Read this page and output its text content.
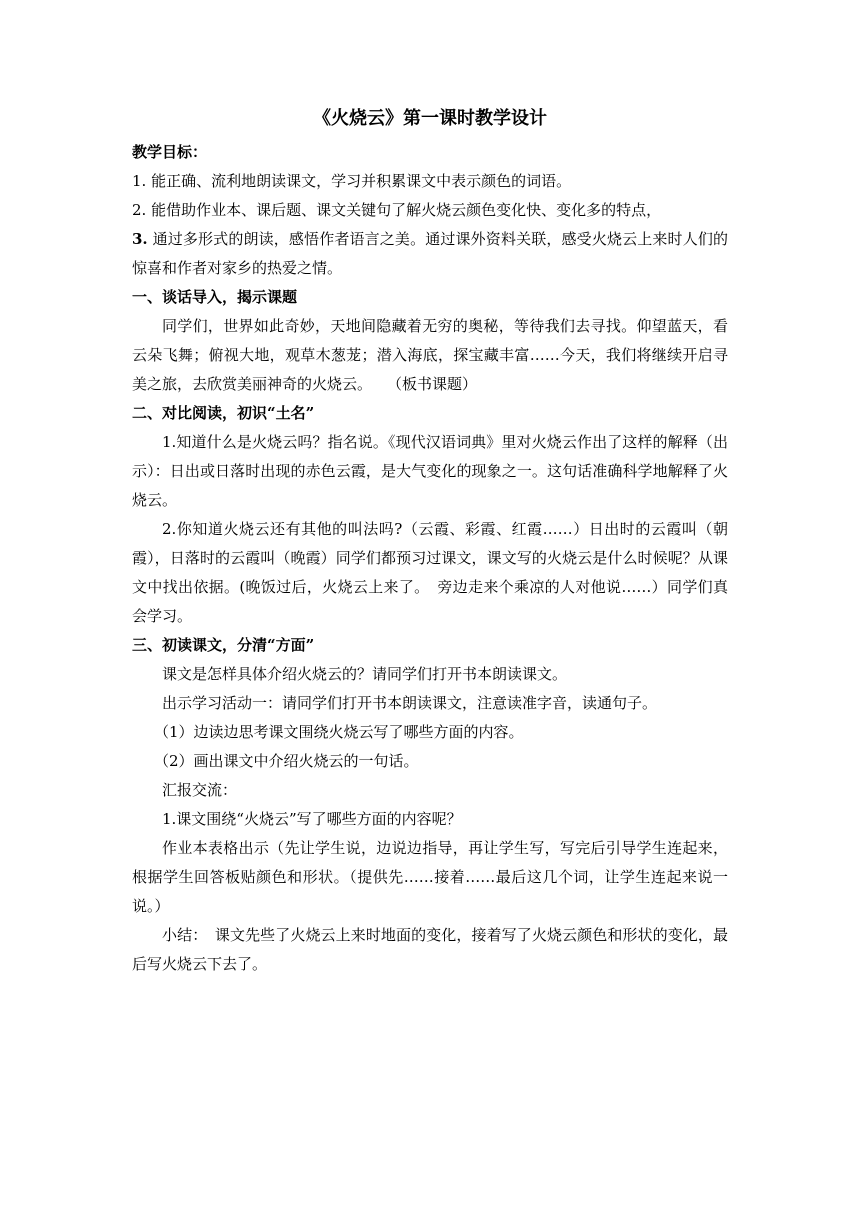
《火烧云》第一课时教学设计

教学目标：

1. 能正确、流利地朗读课文，学习并积累课文中表示颜色的词语。

2. 能借助作业本、课后题、课文关键句了解火烧云颜色变化快、变化多的特点，

3. 通过多形式的朗读，感悟作者语言之美。通过课外资料关联，感受火烧云上来时人们的惊喜和作者对家乡的热爱之情。

一、谈话导入，揭示课题

同学们，世界如此奇妙，天地间隐藏着无穷的奥秘，等待我们去寻找。仰望蓝天，看云朵飞舞；俯视大地，观草木葱茏；潜入海底，探宝藏丰富……今天，我们将继续开启寻美之旅，去欣赏美丽神奇的火烧云。　　（板书课题）

二、对比阅读，初识“土名”

1.知道什么是火烧云吗？指名说。《现代汉语词典》里对火烧云作出了这样的解释（出示）：日出或日落时出现的赤色云霞，是大气变化的现象之一。这句话准确科学地解释了火烧云。

2.你知道火烧云还有其他的叫法吗?（云霞、彩霞、红霞……）日出时的云霞叫（朝霞），日落时的云霞叫（晚霞）同学们都预习过课文，课文写的火烧云是什么时候呢？从课文中找出依据。(晚饭过后，火烧云上来了。　旁边走来个乘凉的人对他说……）同学们真会学习。

三、初读课文，分清“方面”

课文是怎样具体介绍火烧云的？请同学们打开书本朗读课文。

出示学习活动一：请同学们打开书本朗读课文，注意读准字音，读通句子。

（1）边读边思考课文围绕火烧云写了哪些方面的内容。

（2）画出课文中介绍火烧云的一句话。

汇报交流：

1.课文围绕“火烧云”写了哪些方面的内容呢？

作业本表格出示（先让学生说，边说边指导，再让学生写，写完后引导学生连起来，根据学生回答板贴颜色和形状。（提供先……接着……最后这几个词，让学生连起来说一说。）

小结：　课文先些了火烧云上来时地面的变化，接着写了火烧云颜色和形状的变化，最后写火烧云下去了。
